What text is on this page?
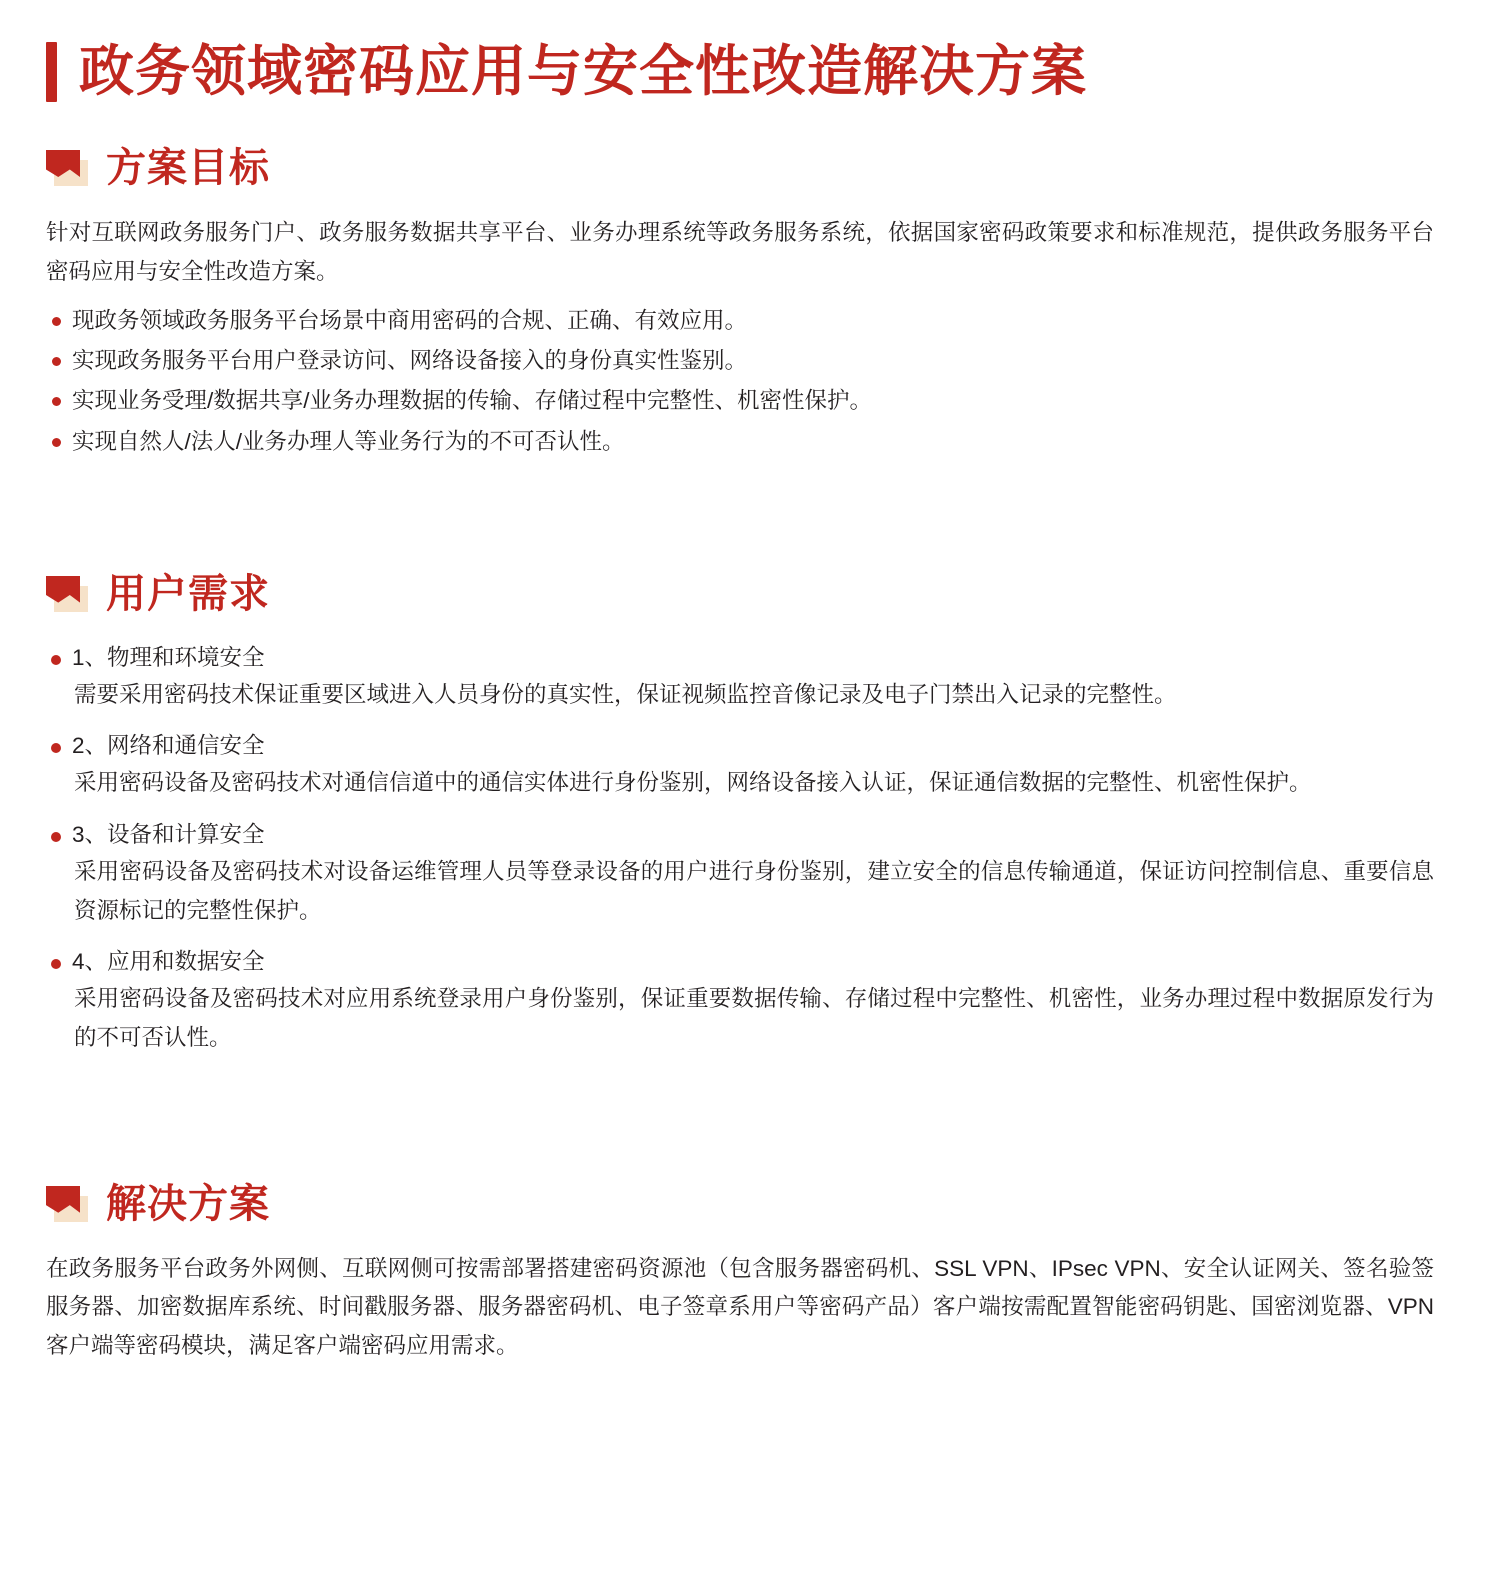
政务领域密码应用与安全性改造解决方案
方案目标

针对互联网政务服务门户、政务服务数据共享平台、业务办理系统等政务服务系统，依据国家密码政策要求和标准规范，提供政务服务平台密码应用与安全性改造方案。

现政务领域政务服务平台场景中商用密码的合规、正确、有效应用。
实现政务服务平台用户登录访问、网络设备接入的身份真实性鉴别。
实现业务受理/数据共享/业务办理数据的传输、存储过程中完整性、机密性保护。
实现自然人/法人/业务办理人等业务行为的不可否认性。
用户需求
1、物理和环境安全
需要采用密码技术保证重要区域进入人员身份的真实性，保证视频监控音像记录及电子门禁出入记录的完整性。
2、网络和通信安全
采用密码设备及密码技术对通信信道中的通信实体进行身份鉴别，网络设备接入认证，保证通信数据的完整性、机密性保护。
3、设备和计算安全
采用密码设备及密码技术对设备运维管理人员等登录设备的用户进行身份鉴别，建立安全的信息传输通道，保证访问控制信息、重要信息资源标记的完整性保护。
4、应用和数据安全
采用密码设备及密码技术对应用系统登录用户身份鉴别，保证重要数据传输、存储过程中完整性、机密性，业务办理过程中数据原发行为的不可否认性。
解决方案

在政务服务平台政务外网侧、互联网侧可按需部署搭建密码资源池（包含服务器密码机、SSL VPN、IPsec VPN、安全认证网关、签名验签服务器、加密数据库系统、时间戳服务器、服务器密码机、电子签章系用户等密码产品）客户端按需配置智能密码钥匙、国密浏览器、VPN 客户端等密码模块，满足客户端密码应用需求。
